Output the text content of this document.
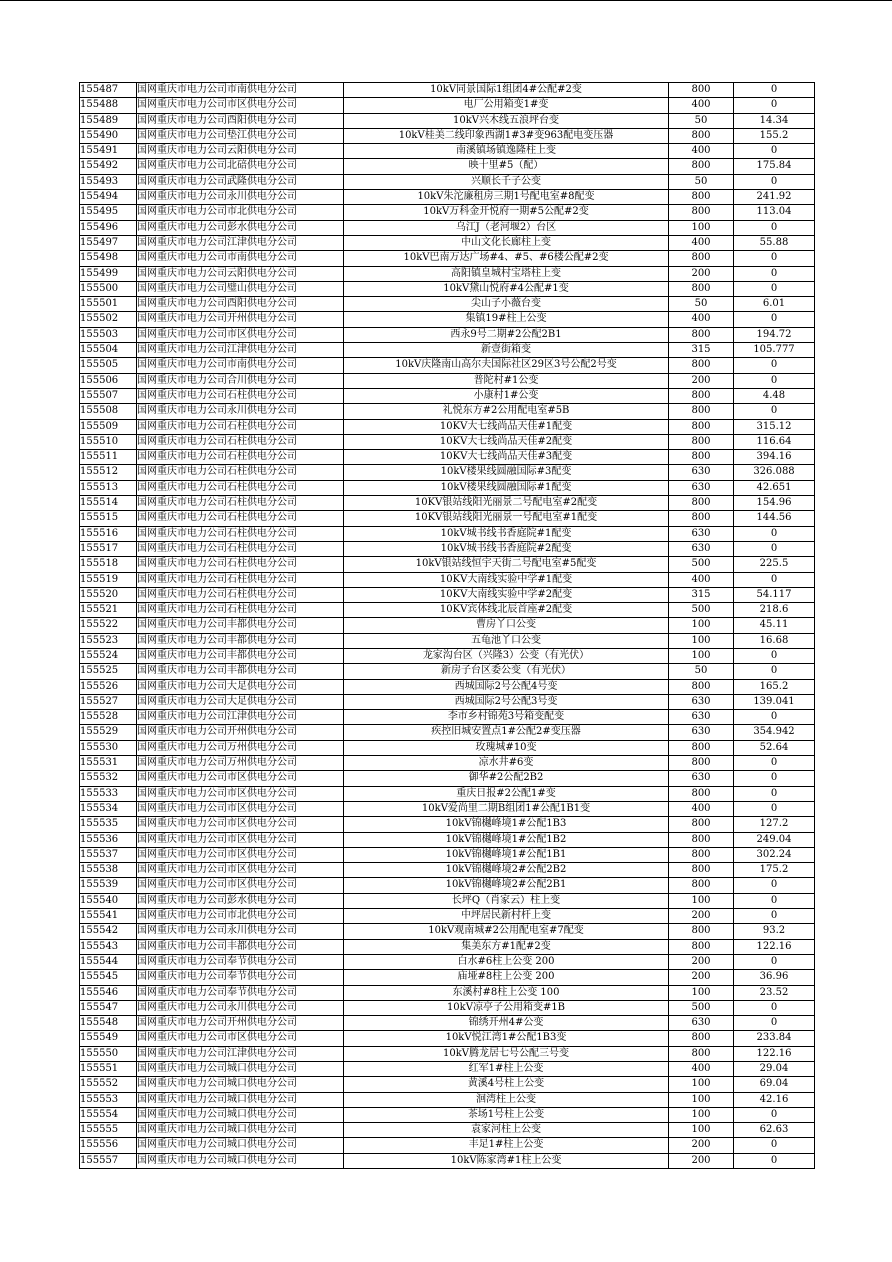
155487	国网重庆市电力公司市南供电分公司	10kV同景国际1组团4#公配#2变	800	0
155488	国网重庆市电力公司市区供电分公司	电厂公用箱变1#变	400	0
155489	国网重庆市电力公司酉阳供电分公司	10kV兴木线五浪坪台变	50	14.34
155490	国网重庆市电力公司垫江供电分公司	10kV桂美二线印象西湖1#3#变963配电变压器	800	155.2
155491	国网重庆市电力公司云阳供电分公司	南溪镇场镇逸隆柱上变	400	0
155492	国网重庆市电力公司北碚供电分公司	映十里#5（配）	800	175.84
155493	国网重庆市电力公司武隆供电分公司	兴顺长千子公变	50	0
155494	国网重庆市电力公司永川供电分公司	10kV朱沱廉租房三期1号配电室#8配变	800	241.92
155495	国网重庆市电力公司市北供电分公司	10kV万科金开悦府一期#5公配#2变	800	113.04
155496	国网重庆市电力公司彭水供电分公司	乌江J（老河堰2）台区	100	0
155497	国网重庆市电力公司江津供电分公司	中山文化长廊柱上变	400	55.88
155498	国网重庆市电力公司市南供电分公司	10kV巴南万达广场#4、#5、#6楼公配#2变	800	0
155499	国网重庆市电力公司云阳供电分公司	高阳镇皇城村宝塔柱上变	200	0
155500	国网重庆市电力公司璧山供电分公司	10kV黛山悦府#4公配#1变	800	0
155501	国网重庆市电力公司酉阳供电分公司	尖山子小薇台变	50	6.01
155502	国网重庆市电力公司开州供电分公司	集镇19#柱上公变	400	0
155503	国网重庆市电力公司市区供电分公司	西永9号二期#2公配2B1	800	194.72
155504	国网重庆市电力公司江津供电分公司	新壹街箱变	315	105.777
155505	国网重庆市电力公司市南供电分公司	10kV庆隆南山高尔夫国际社区29区3号公配2号变	800	0
155506	国网重庆市电力公司合川供电分公司	普陀村#1公变	200	0
155507	国网重庆市电力公司石柱供电分公司	小康村1#公变	800	4.48
155508	国网重庆市电力公司永川供电分公司	礼悦东方#2公用配电室#5B	800	0
155509	国网重庆市电力公司石柱供电分公司	10KV大七线尚品天佳#1配变	800	315.12
155510	国网重庆市电力公司石柱供电分公司	10KV大七线尚品天佳#2配变	800	116.64
155511	国网重庆市电力公司石柱供电分公司	10KV大七线尚品天佳#3配变	800	394.16
155512	国网重庆市电力公司石柱供电分公司	10kV楼果线圆融国际#3配变	630	326.088
155513	国网重庆市电力公司石柱供电分公司	10kV楼果线圆融国际#1配变	630	42.651
155514	国网重庆市电力公司石柱供电分公司	10KV银站线阳光丽景二号配电室#2配变	800	154.96
155515	国网重庆市电力公司石柱供电分公司	10KV银站线阳光丽景一号配电室#1配变	800	144.56
155516	国网重庆市电力公司石柱供电分公司	10kV城书线书香庭院#1配变	630	0
155517	国网重庆市电力公司石柱供电分公司	10kV城书线书香庭院#2配变	630	0
155518	国网重庆市电力公司石柱供电分公司	10kV银站线恒宇天街二号配电室#5配变	500	225.5
155519	国网重庆市电力公司石柱供电分公司	10KV大南线实验中学#1配变	400	0
155520	国网重庆市电力公司石柱供电分公司	10KV大南线实验中学#2配变	315	54.117
155521	国网重庆市电力公司石柱供电分公司	10KV宾体线北辰首座#2配变	500	218.6
155522	国网重庆市电力公司丰都供电分公司	曹房丫口公变	100	45.11
155523	国网重庆市电力公司丰都供电分公司	五龟池丫口公变	100	16.68
155524	国网重庆市电力公司丰都供电分公司	龙家沟台区（兴隆3）公变（有光伏）	100	0
155525	国网重庆市电力公司丰都供电分公司	新房子台区委公变（有光伏）	50	0
155526	国网重庆市电力公司大足供电分公司	西城国际2号公配4号变	800	165.2
155527	国网重庆市电力公司大足供电分公司	西城国际2号公配3号变	630	139.041
155528	国网重庆市电力公司江津供电分公司	李市乡村锦苑3号箱变配变	630	0
155529	国网重庆市电力公司开州供电分公司	疾控旧城安置点1#公配2#变压器	630	354.942
155530	国网重庆市电力公司万州供电分公司	玫瑰城#10变	800	52.64
155531	国网重庆市电力公司万州供电分公司	凉水井#6变	800	0
155532	国网重庆市电力公司市区供电分公司	御华#2公配2B2	630	0
155533	国网重庆市电力公司市区供电分公司	重庆日报#2公配1#变	800	0
155534	国网重庆市电力公司市区供电分公司	10kV爱尚里二期B组团1#公配1B1变	400	0
155535	国网重庆市电力公司市区供电分公司	10kV锦樾峰境1#公配1B3	800	127.2
155536	国网重庆市电力公司市区供电分公司	10kV锦樾峰境1#公配1B2	800	249.04
155537	国网重庆市电力公司市区供电分公司	10kV锦樾峰境1#公配1B1	800	302.24
155538	国网重庆市电力公司市区供电分公司	10kV锦樾峰境2#公配2B2	800	175.2
155539	国网重庆市电力公司市区供电分公司	10kV锦樾峰境2#公配2B1	800	0
155540	国网重庆市电力公司彭水供电分公司	长坪Q（肖家云）柱上变	100	0
155541	国网重庆市电力公司市北供电分公司	中坪居民新村杆上变	200	0
155542	国网重庆市电力公司永川供电分公司	10kV观南城#2公用配电室#7配变	800	93.2
155543	国网重庆市电力公司丰都供电分公司	集美东方#1配#2变	800	122.16
155544	国网重庆市电力公司奉节供电分公司	白水#6柱上公变 200	200	0
155545	国网重庆市电力公司奉节供电分公司	庙垭#8柱上公变 200	200	36.96
155546	国网重庆市电力公司奉节供电分公司	东溪村#8柱上公变 100	100	23.52
155547	国网重庆市电力公司永川供电分公司	10kV凉亭子公用箱变#1B	500	0
155548	国网重庆市电力公司开州供电分公司	锦绣开州4#公变	630	0
155549	国网重庆市电力公司市区供电分公司	10kV悦江湾1#公配1B3变	800	233.84
155550	国网重庆市电力公司江津供电分公司	10kV腾龙居七号公配三号变	800	122.16
155551	国网重庆市电力公司城口供电分公司	红军1#柱上公变	400	29.04
155552	国网重庆市电力公司城口供电分公司	黄溪4号柱上公变	100	69.04
155553	国网重庆市电力公司城口供电分公司	洄湾柱上公变	100	42.16
155554	国网重庆市电力公司城口供电分公司	茶场1号柱上公变	100	0
155555	国网重庆市电力公司城口供电分公司	袁家河柱上公变	100	62.63
155556	国网重庆市电力公司城口供电分公司	丰足1#柱上公变	200	0
155557	国网重庆市电力公司城口供电分公司	10kV陈家湾#1柱上公变	200	0
